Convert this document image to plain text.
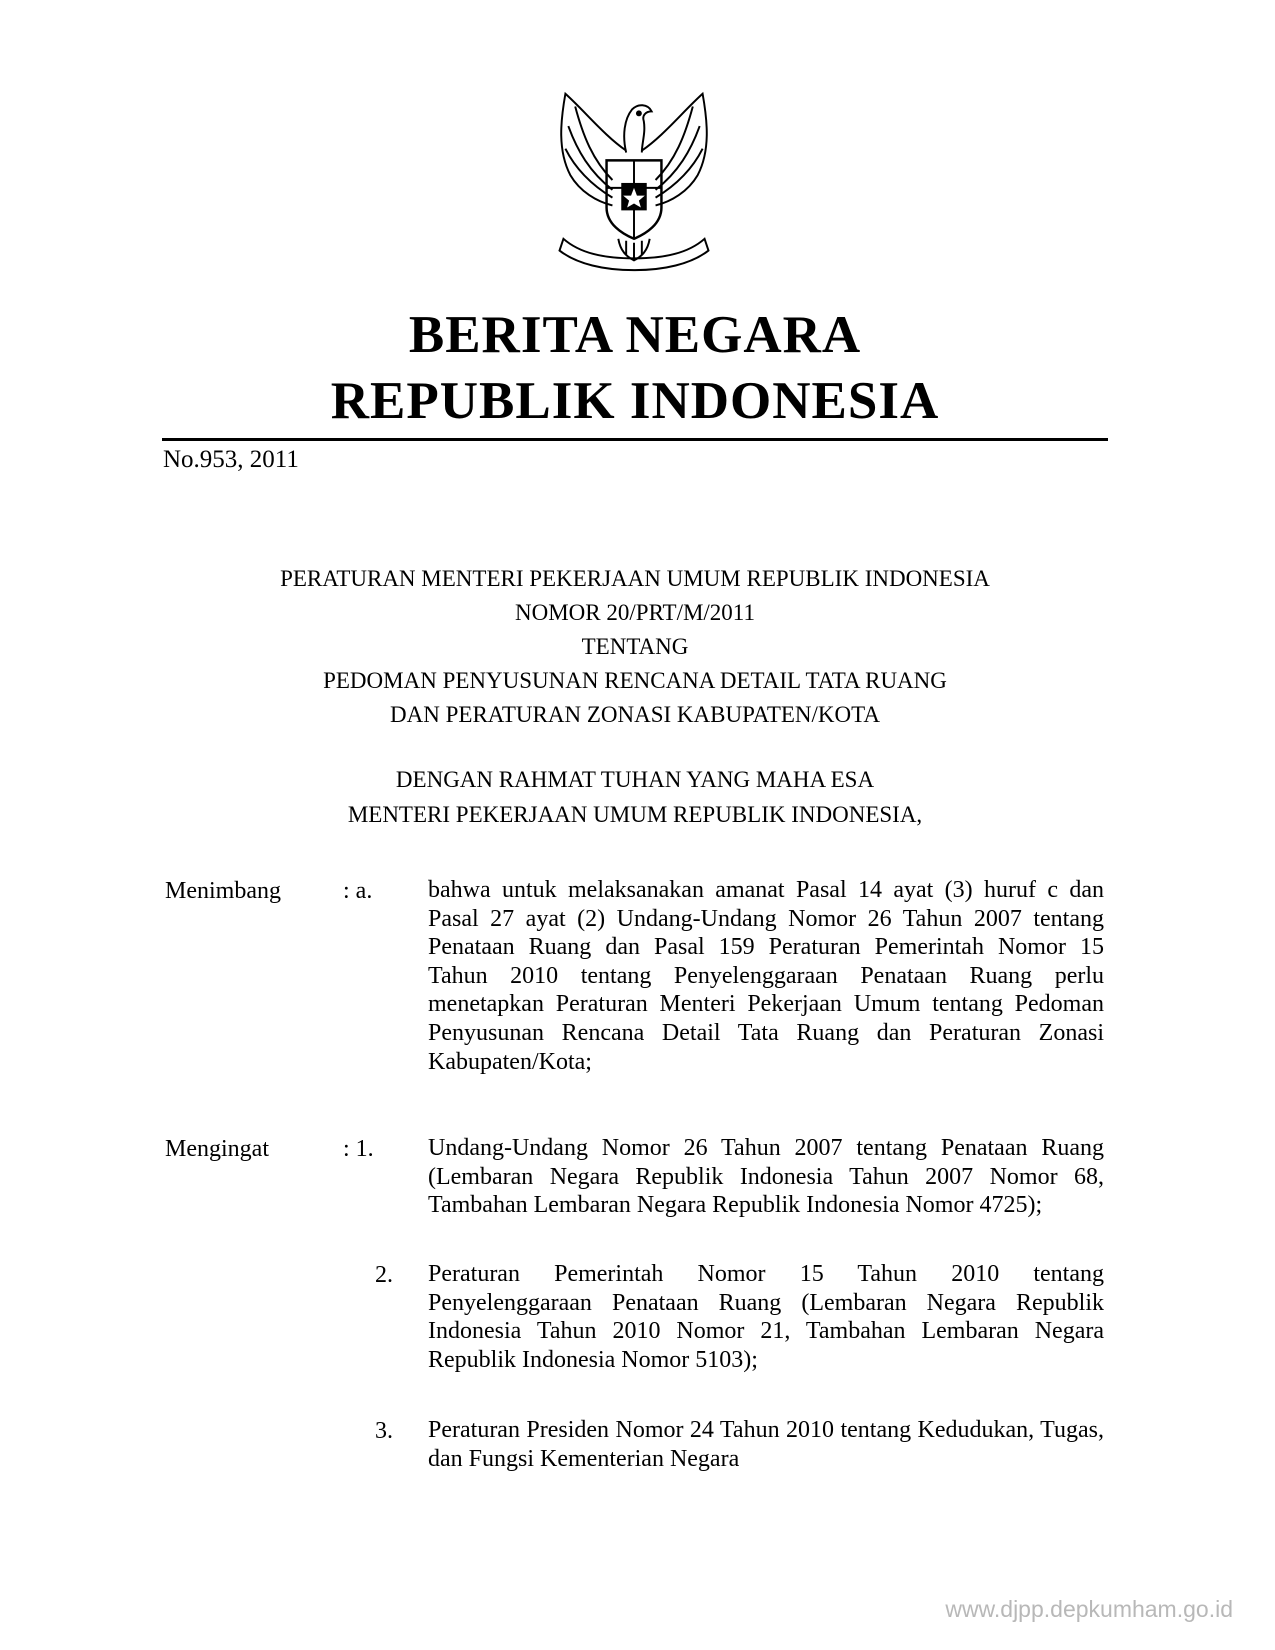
BERITA NEGARA
REPUBLIK INDONESIA
No.953, 2011
PERATURAN MENTERI PEKERJAAN UMUM REPUBLIK INDONESIA
NOMOR 20/PRT/M/2011
TENTANG
PEDOMAN PENYUSUNAN RENCANA DETAIL TATA RUANG
DAN PERATURAN ZONASI KABUPATEN/KOTA
DENGAN RAHMAT TUHAN YANG MAHA ESA
MENTERI PEKERJAAN UMUM REPUBLIK INDONESIA,
Menimbang	: a. bahwa untuk melaksanakan amanat Pasal 14 ayat (3) huruf c dan Pasal 27 ayat (2) Undang-Undang Nomor 26 Tahun 2007 tentang Penataan Ruang dan Pasal 159 Peraturan Pemerintah Nomor 15 Tahun 2010 tentang Penyelenggaraan Penataan Ruang perlu menetapkan Peraturan Menteri Pekerjaan Umum tentang Pedoman Penyusunan Rencana Detail Tata Ruang dan Peraturan Zonasi Kabupaten/Kota;
Mengingat	: 1. Undang-Undang Nomor 26 Tahun 2007 tentang Penataan Ruang (Lembaran Negara Republik Indonesia Tahun 2007 Nomor 68, Tambahan Lembaran Negara Republik Indonesia Nomor 4725);
2. Peraturan Pemerintah Nomor 15 Tahun 2010 tentang Penyelenggaraan Penataan Ruang (Lembaran Negara Republik Indonesia Tahun 2010 Nomor 21, Tambahan Lembaran Negara Republik Indonesia Nomor 5103);
3. Peraturan Presiden Nomor 24 Tahun 2010 tentang Kedudukan, Tugas, dan Fungsi Kementerian Negara
www.djpp.depkumham.go.id
